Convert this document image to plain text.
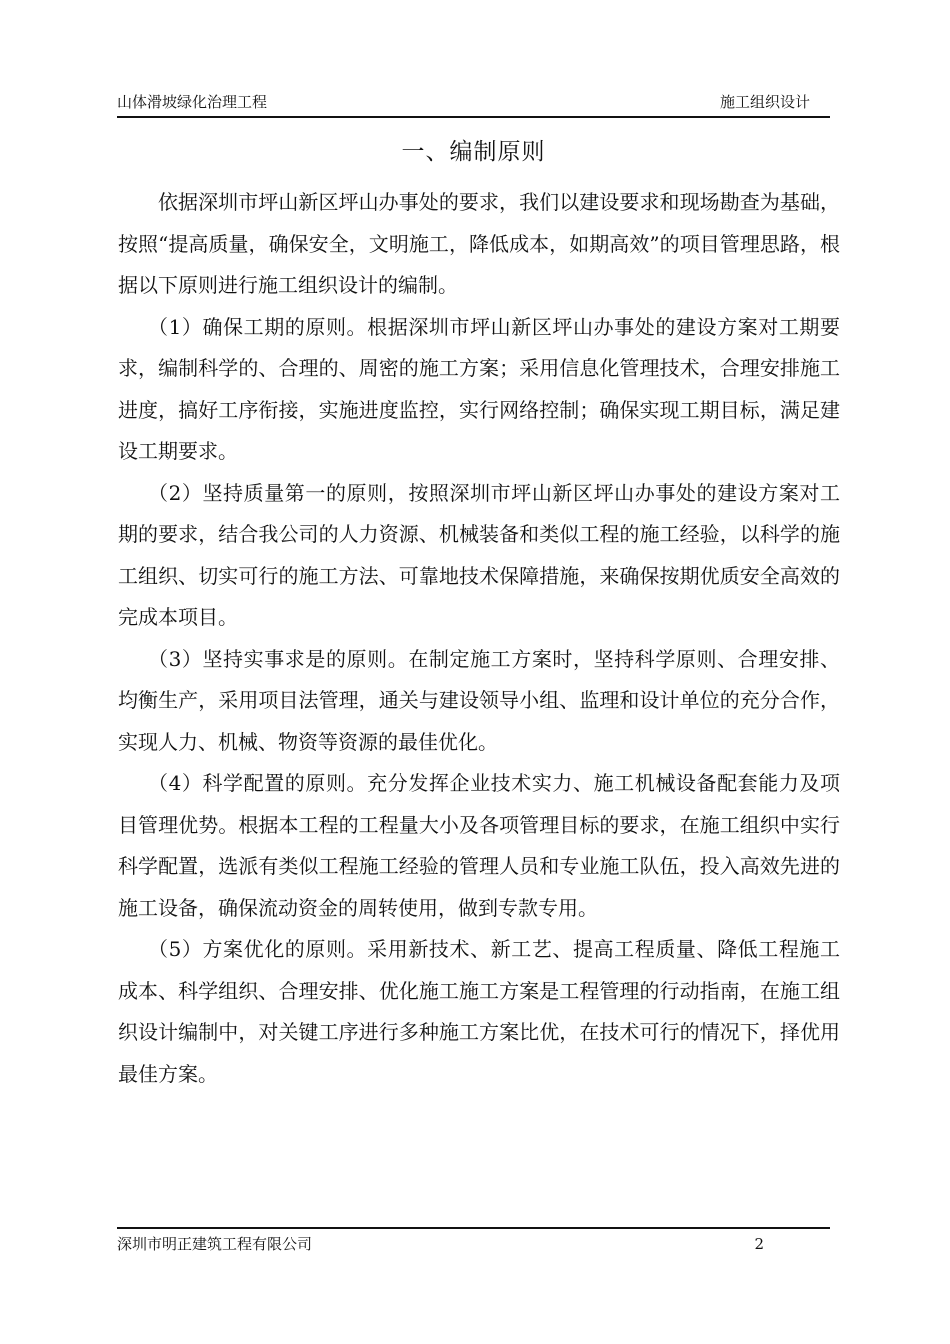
山体滑坡绿化治理工程	施工组织设计
一、编制原则

依据深圳市坪山新区坪山办事处的要求，我们以建设要求和现场勘查为基础，按照“提高质量，确保安全，文明施工，降低成本，如期高效”的项目管理思路，根据以下原则进行施工组织设计的编制。

（1）确保工期的原则。根据深圳市坪山新区坪山办事处的建设方案对工期要求，编制科学的、合理的、周密的施工方案；采用信息化管理技术，合理安排施工进度，搞好工序衔接，实施进度监控，实行网络控制；确保实现工期目标，满足建设工期要求。

（2）坚持质量第一的原则，按照深圳市坪山新区坪山办事处的建设方案对工期的要求，结合我公司的人力资源、机械装备和类似工程的施工经验，以科学的施工组织、切实可行的施工方法、可靠地技术保障措施，来确保按期优质安全高效的完成本项目。

（3）坚持实事求是的原则。在制定施工方案时，坚持科学原则、合理安排、均衡生产，采用项目法管理，通关与建设领导小组、监理和设计单位的充分合作，实现人力、机械、物资等资源的最佳优化。

（4）科学配置的原则。充分发挥企业技术实力、施工机械设备配套能力及项目管理优势。根据本工程的工程量大小及各项管理目标的要求，在施工组织中实行科学配置，选派有类似工程施工经验的管理人员和专业施工队伍，投入高效先进的施工设备，确保流动资金的周转使用，做到专款专用。

（5）方案优化的原则。采用新技术、新工艺、提高工程质量、降低工程施工成本、科学组织、合理安排、优化施工施工方案是工程管理的行动指南，在施工组织设计编制中，对关键工序进行多种施工方案比优，在技术可行的情况下，择优用最佳方案。

深圳市明正建筑工程有限公司	2
